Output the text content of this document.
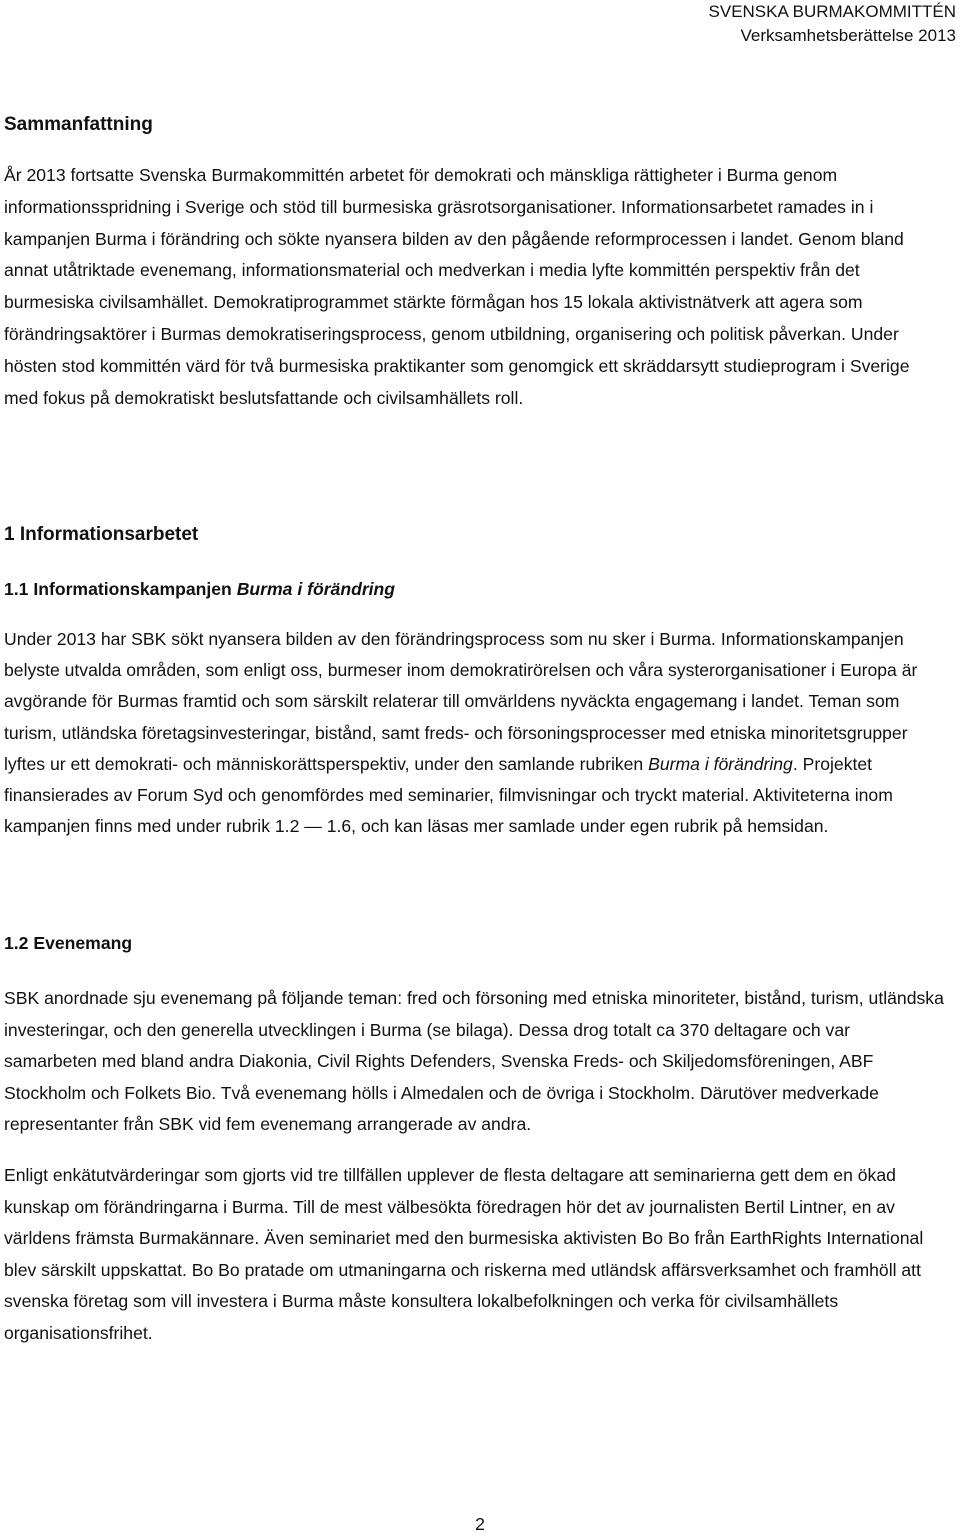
SVENSKA BURMAKOMMITTÉN
Verksamhetsberättelse 2013
Sammanfattning

År 2013 fortsatte Svenska Burmakommittén arbetet för demokrati och mänskliga rättigheter i Burma genom informationsspridning i Sverige och stöd till burmesiska gräsrotsorganisationer. Informationsarbetet ramades in i kampanjen Burma i förändring och sökte nyansera bilden av den pågående reformprocessen i landet. Genom bland annat utåtriktade evenemang, informationsmaterial och medverkan i media lyfte kommittén perspektiv från det burmesiska civilsamhället. Demokratiprogrammet stärkte förmågan hos 15 lokala aktivistnätverk att agera som förändringsaktörer i Burmas demokratiseringsprocess, genom utbildning, organisering och politisk påverkan. Under hösten stod kommittén värd för två burmesiska praktikanter som genomgick ett skräddarsytt studieprogram i Sverige med fokus på demokratiskt beslutsfattande och civilsamhällets roll.

1 Informationsarbetet
1.1 Informationskampanjen Burma i förändring

Under 2013 har SBK sökt nyansera bilden av den förändringsprocess som nu sker i Burma. Informationskampanjen belyste utvalda områden, som enligt oss, burmeser inom demokratirörelsen och våra systerorganisationer i Europa är avgörande för Burmas framtid och som särskilt relaterar till omvärldens nyväckta engagemang i landet. Teman som turism, utländska företagsinvesteringar, bistånd, samt freds- och försoningsprocesser med etniska minoritetsgrupper lyftes ur ett demokrati- och människorättsperspektiv, under den samlande rubriken Burma i förändring. Projektet finansierades av Forum Syd och genomfördes med seminarier, filmvisningar och tryckt material. Aktiviteterna inom kampanjen finns med under rubrik 1.2 — 1.6, och kan läsas mer samlade under egen rubrik på hemsidan.

1.2 Evenemang

SBK anordnade sju evenemang på följande teman: fred och försoning med etniska minoriteter, bistånd, turism, utländska investeringar, och den generella utvecklingen i Burma (se bilaga). Dessa drog totalt ca 370 deltagare och var samarbeten med bland andra Diakonia, Civil Rights Defenders, Svenska Freds- och Skiljedomsföreningen, ABF Stockholm och Folkets Bio. Två evenemang hölls i Almedalen och de övriga i Stockholm. Därutöver medverkade representanter från SBK vid fem evenemang arrangerade av andra.

Enligt enkätutvärderingar som gjorts vid tre tillfällen upplever de flesta deltagare att seminarierna gett dem en ökad kunskap om förändringarna i Burma. Till de mest välbesökta föredragen hör det av journalisten Bertil Lintner, en av världens främsta Burmakännare. Även seminariet med den burmesiska aktivisten Bo Bo från EarthRights International blev särskilt uppskattat. Bo Bo pratade om utmaningarna och riskerna med utländsk affärsverksamhet och framhöll att svenska företag som vill investera i Burma måste konsultera lokalbefolkningen och verka för civilsamhällets organisationsfrihet.

2
